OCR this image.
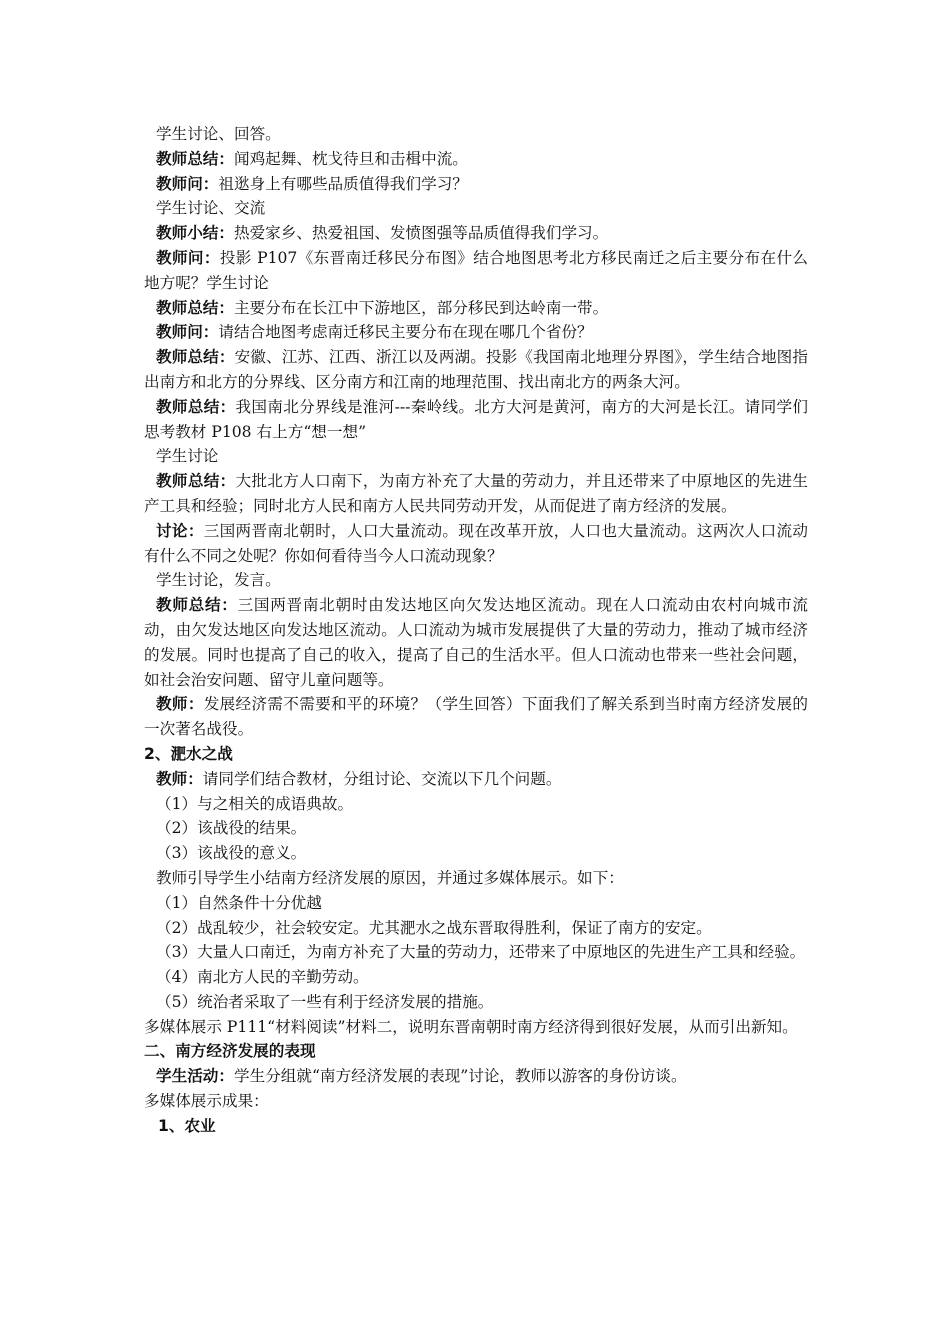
学生讨论、回答。

教师总结：闻鸡起舞、枕戈待旦和击楫中流。

教师问：祖逖身上有哪些品质值得我们学习？

学生讨论、交流

教师小结：热爱家乡、热爱祖国、发愤图强等品质值得我们学习。

教师问：投影 P107《东晋南迁移民分布图》结合地图思考北方移民南迁之后主要分布在什么地方呢？学生讨论

教师总结：主要分布在长江中下游地区，部分移民到达岭南一带。

教师问：请结合地图考虑南迁移民主要分布在现在哪几个省份？

教师总结：安徽、江苏、江西、浙江以及两湖。投影《我国南北地理分界图》，学生结合地图指出南方和北方的分界线、区分南方和江南的地理范围、找出南北方的两条大河。

教师总结：我国南北分界线是淮河---秦岭线。北方大河是黄河，南方的大河是长江。请同学们思考教材 P108 右上方“想一想”

学生讨论

教师总结：大批北方人口南下，为南方补充了大量的劳动力，并且还带来了中原地区的先进生产工具和经验；同时北方人民和南方人民共同劳动开发，从而促进了南方经济的发展。

讨论：三国两晋南北朝时，人口大量流动。现在改革开放，人口也大量流动。这两次人口流动有什么不同之处呢？你如何看待当今人口流动现象？

学生讨论，发言。

教师总结：三国两晋南北朝时由发达地区向欠发达地区流动。现在人口流动由农村向城市流动，由欠发达地区向发达地区流动。人口流动为城市发展提供了大量的劳动力，推动了城市经济的发展。同时也提高了自己的收入，提高了自己的生活水平。但人口流动也带来一些社会问题，如社会治安问题、留守儿童问题等。

教师：发展经济需不需要和平的环境？（学生回答）下面我们了解关系到当时南方经济发展的一次著名战役。

2、淝水之战

教师：请同学们结合教材，分组讨论、交流以下几个问题。

（1）与之相关的成语典故。

（2）该战役的结果。

（3）该战役的意义。

教师引导学生小结南方经济发展的原因，并通过多媒体展示。如下：

（1）自然条件十分优越

（2）战乱较少，社会较安定。尤其淝水之战东晋取得胜利，保证了南方的安定。

（3）大量人口南迁，为南方补充了大量的劳动力，还带来了中原地区的先进生产工具和经验。

（4）南北方人民的辛勤劳动。

（5）统治者采取了一些有利于经济发展的措施。

多媒体展示 P111“材料阅读”材料二，说明东晋南朝时南方经济得到很好发展，从而引出新知。

二、南方经济发展的表现

学生活动：学生分组就“南方经济发展的表现”讨论，教师以游客的身份访谈。

多媒体展示成果：

1、农业
